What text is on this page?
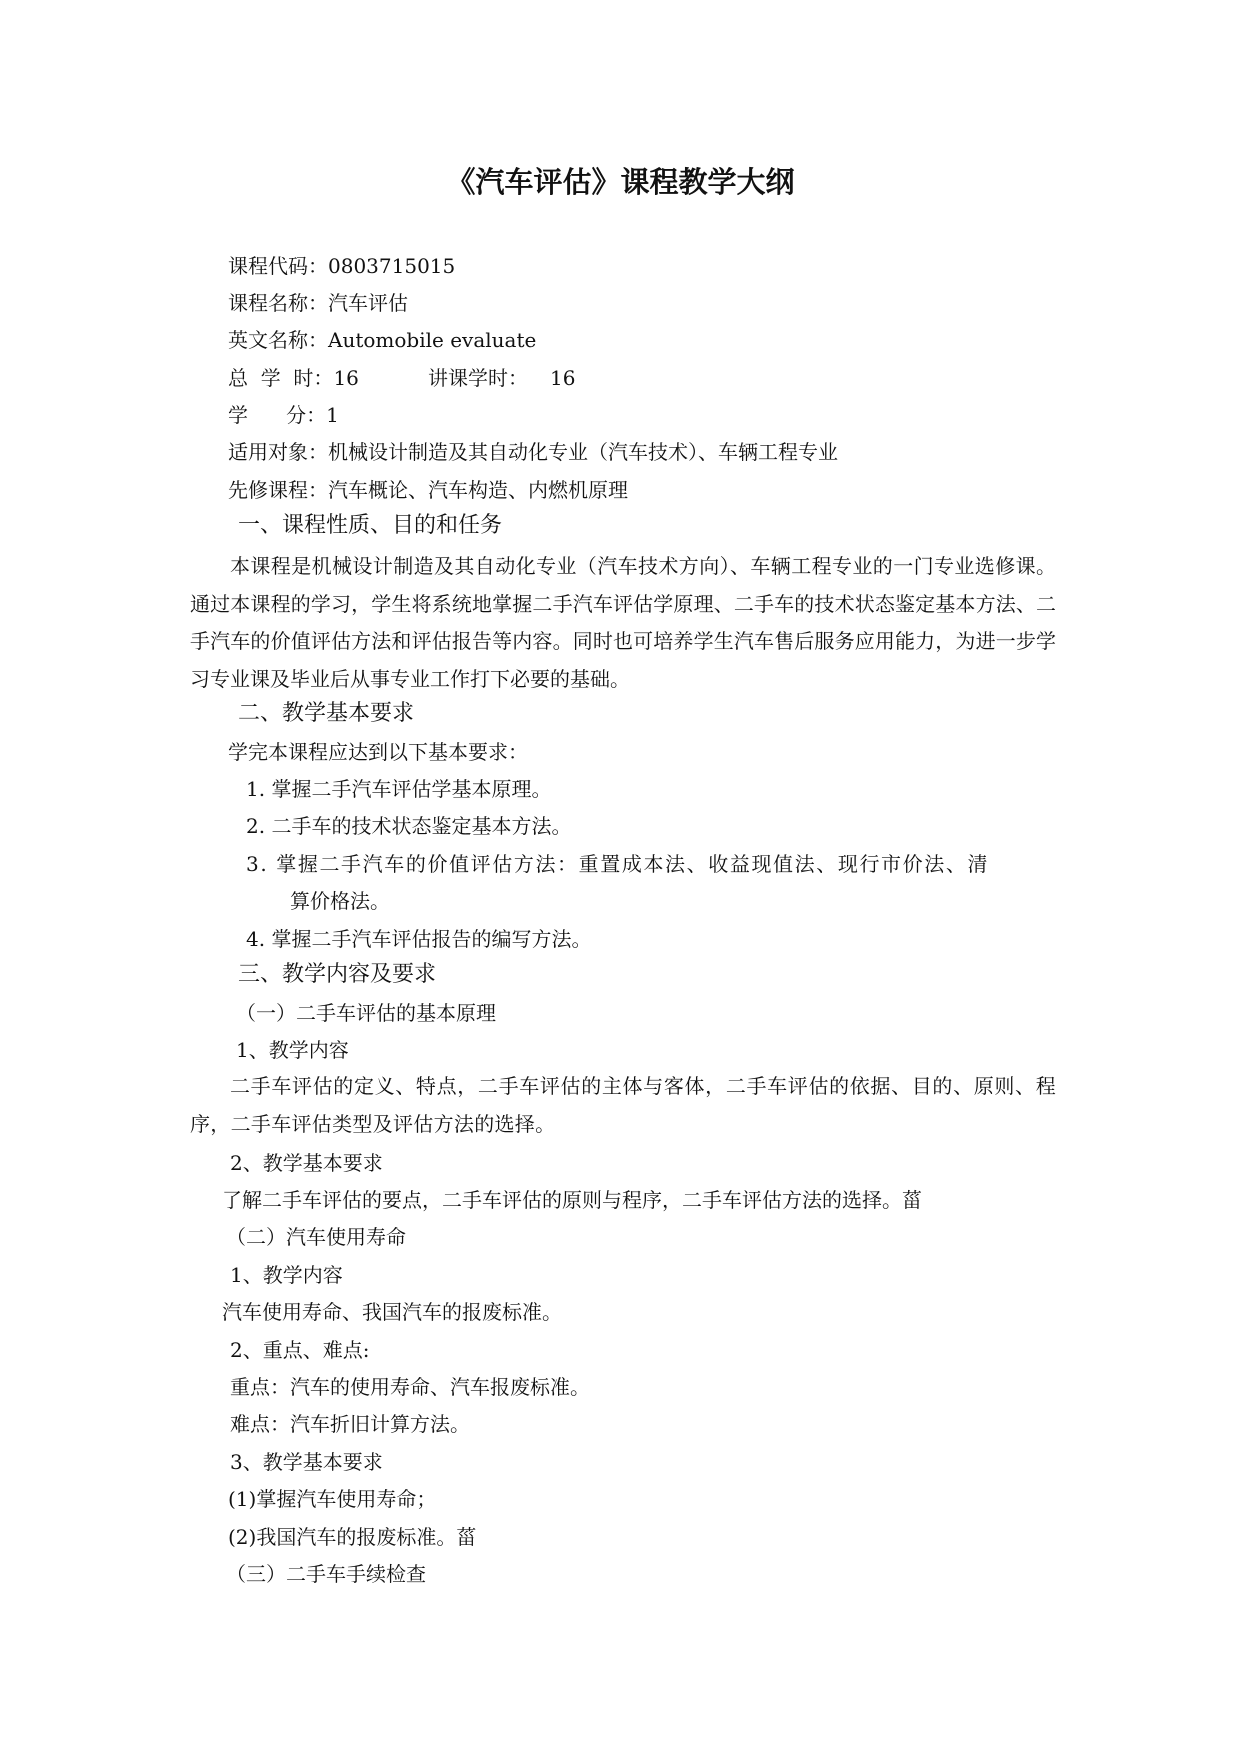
《汽车评估》课程教学大纲
课程代码：0803715015
课程名称：汽车评估
英文名称：Automobile evaluate
总  学  时：16	讲课学时： 16
学      分：1
适用对象：机械设计制造及其自动化专业（汽车技术）、车辆工程专业
先修课程：汽车概论、汽车构造、内燃机原理
一、课程性质、目的和任务
本课程是机械设计制造及其自动化专业（汽车技术方向）、车辆工程专业的一门专业选修课。通过本课程的学习，学生将系统地掌握二手汽车评估学原理、二手车的技术状态鉴定基本方法、二手汽车的价值评估方法和评估报告等内容。同时也可培养学生汽车售后服务应用能力，为进一步学习专业课及毕业后从事专业工作打下必要的基础。
二、教学基本要求
学完本课程应达到以下基本要求：
1. 掌握二手汽车评估学基本原理。
2. 二手车的技术状态鉴定基本方法。
3. 掌握二手汽车的价值评估方法：重置成本法、收益现值法、现行市价法、清
算价格法。
4. 掌握二手汽车评估报告的编写方法。
三、教学内容及要求
（一）二手车评估的基本原理
1、教学内容
二手车评估的定义、特点，二手车评估的主体与客体，二手车评估的依据、目的、原则、程序，二手车评估类型及评估方法的选择。
2、教学基本要求
了解二手车评估的要点，二手车评估的原则与程序，二手车评估方法的选择。菑
（二）汽车使用寿命
1、教学内容
汽车使用寿命、我国汽车的报废标准。
2、重点、难点:
重点：汽车的使用寿命、汽车报废标准。
难点：汽车折旧计算方法。
3、教学基本要求
(1)掌握汽车使用寿命；
(2)我国汽车的报废标准。菑
（三）二手车手续检查
